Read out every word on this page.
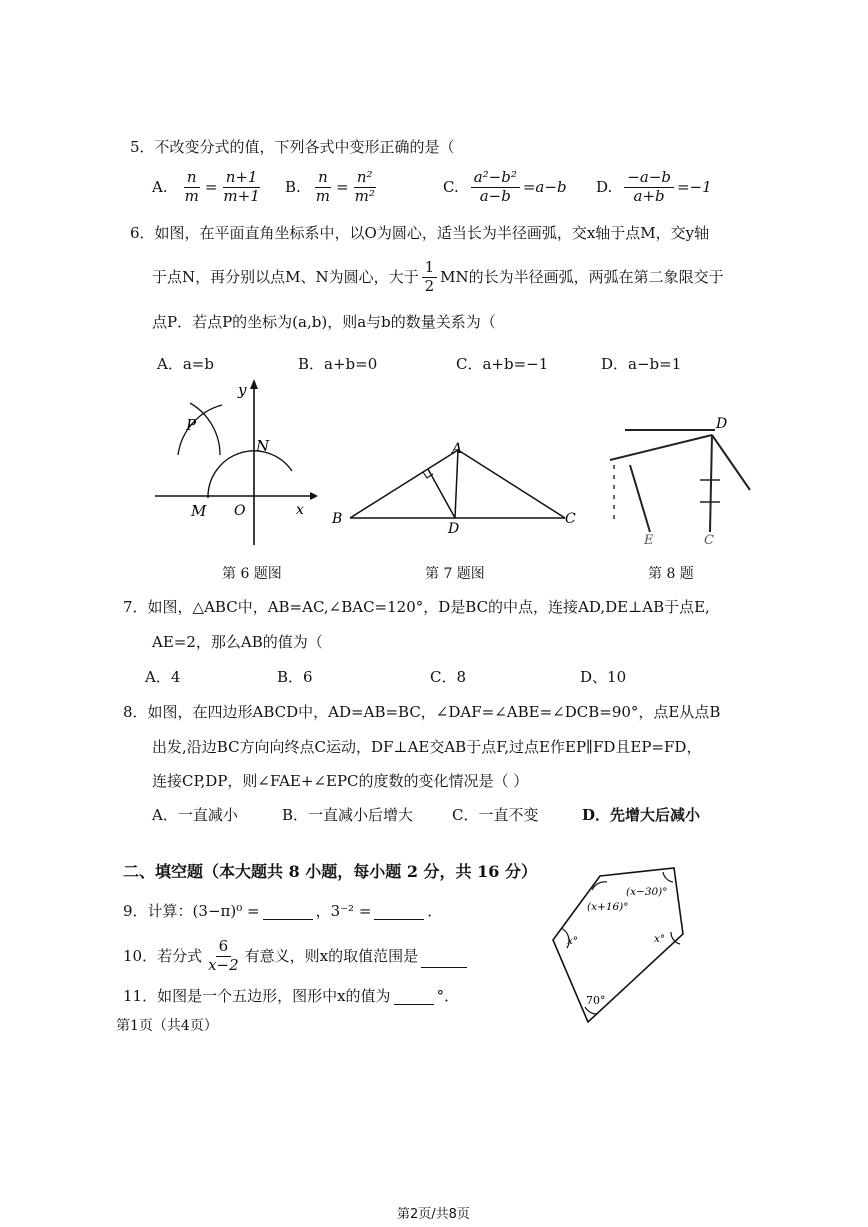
5．不改变分式的值，下列各式中变形正确的是（
A. $\frac{n}{m} = \frac{n+1}{m+1} B$. $\frac{n}{m} = \frac{\text{n²}}{\text{m²}}$	C. $\frac{\text{a²−b²}}{a-b} =a-b$ D. $\frac{-a-b}{a+b} =-1$
6．如图，在平面直角坐标系中，以O为圆心，适当长为半径画弧，交x轴于点M，交y轴
于点N，再分别以点M、N为圆心，大于 $\frac{1}{2}$ MN的长为半径画弧，两弧在第二象限交于
点P．若点P的坐标为(a,b)，则a与b的数量关系为（
A．a=b	B．a+b=0	C．a+b=−1	D．a−b=1
P
N
M O	x
y
A
B	C
D
D
E	C
第 6 题图	第 7 题图	第 8 题
7．如图，△ABC中，AB=AC,∠BAC=120°，D是BC的中点，连接AD,DE⊥AB于点E,
AE=2，那么AB的值为（
A．4	B．6	C．8	D、10
8．如图，在四边形ABCD中，AD=AB=BC，∠DAF=∠ABE=∠DCB=90°，点E从点B
出发,沿边BC方向向终点C运动，DF⊥AE交AB于点F,过点E作EP∥FD且EP=FD，
连接CP,DP，则∠FAE+∠EPC的度数的变化情况是（ ）
A．一直减小	B．一直减小后增大	C．一直不变	D．先增大后减小
二、填空题（本大题共 8 小题，每小题 2 分，共 16 分）
9．计算：(3−π)⁰ =	，3⁻² =	．
10．若分式 $\frac{6}{x-2}$ 有意义，则x的取值范围是
11．如图是一个五边形，图形中x的值为	°．
(x+16)°
(x−30)°
x°	x°
70°
第1页（共4页）
第2页/共8页
